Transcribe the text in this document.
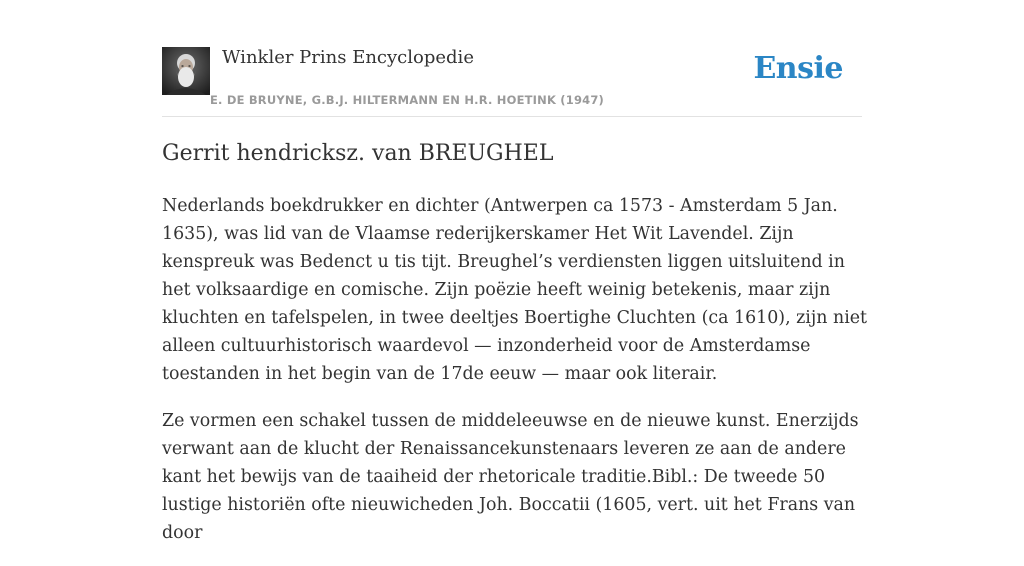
Winkler Prins Encyclopedie
E. DE BRUYNE, G.B.J. HILTERMANN EN H.R. HOETINK (1947)
Ensie
Gerrit hendricksz. van BREUGHEL

Nederlands boekdrukker en dichter (Antwerpen ca 1573 - Amsterdam 5 Jan. 1635), was lid van de Vlaamse rederijkerskamer Het Wit Lavendel. Zijn kenspreuk was Bedenct u tis tijt. Breughel’s verdiensten liggen uitsluitend in het volksaardige en comische. Zijn poëzie heeft weinig betekenis, maar zijn kluchten en tafelspelen, in twee deeltjes Boertighe Cluchten (ca 1610), zijn niet alleen cultuurhistorisch waardevol — inzonderheid voor de Amsterdamse toestanden in het begin van de 17de eeuw — maar ook literair.

Ze vormen een schakel tussen de middeleeuwse en de nieuwe kunst. Enerzijds verwant aan de klucht der Renaissancekunstenaars leveren ze aan de andere kant het bewijs van de taaiheid der rhetoricale traditie.Bibl.: De tweede 50 lustige historiën ofte nieuwicheden Joh. Boccatii (1605, vert. uit het Frans van door
